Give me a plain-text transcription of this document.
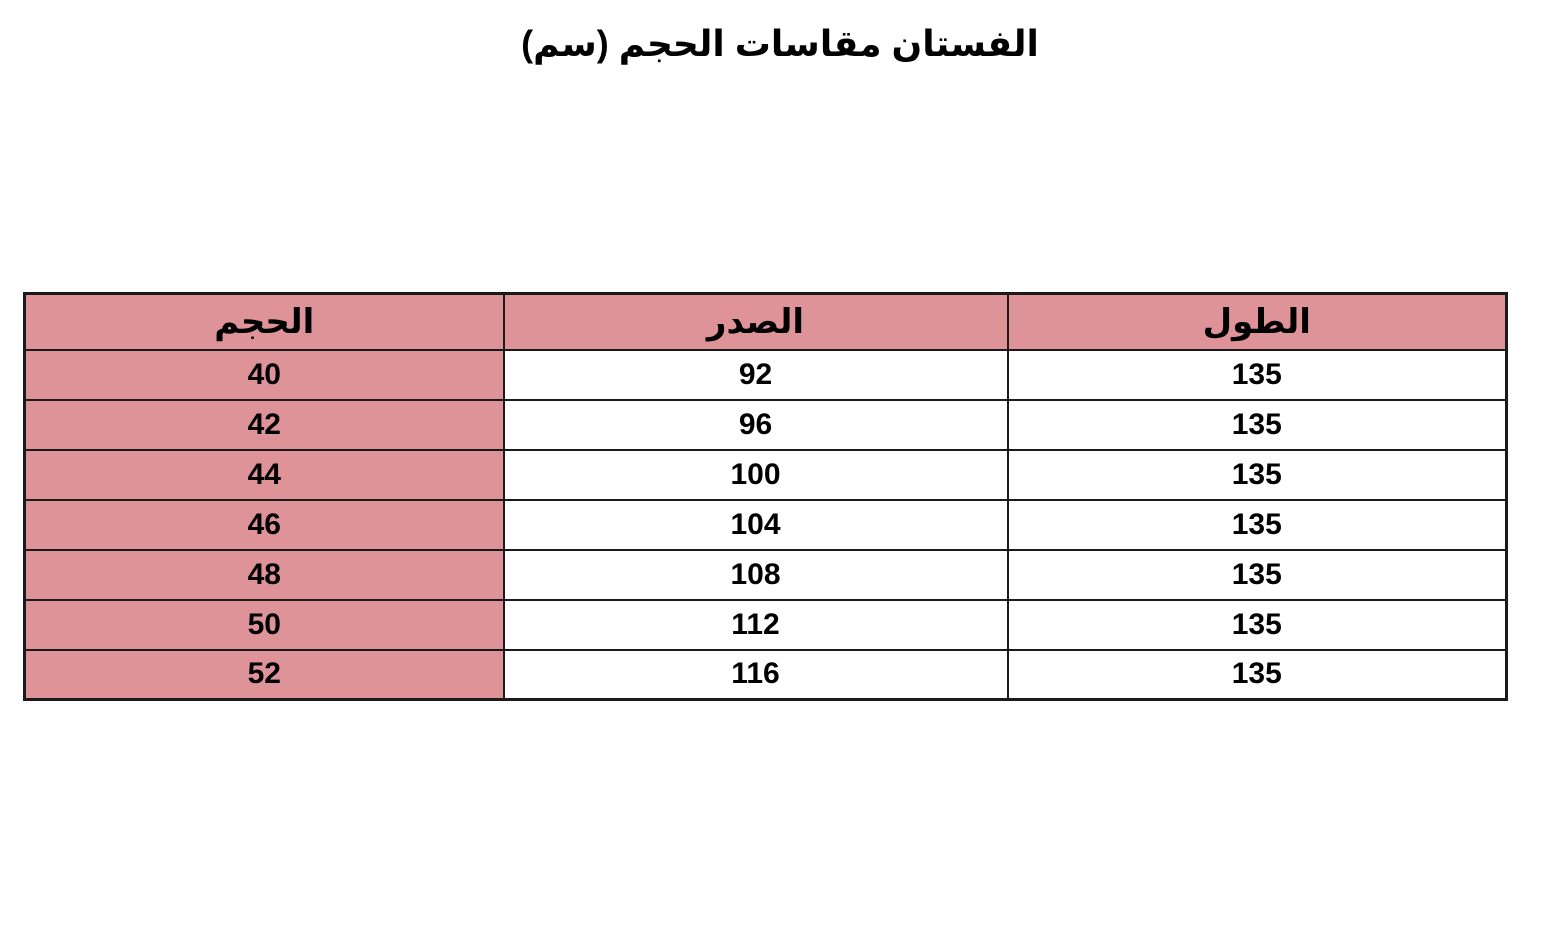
الفستان مقاسات الحجم (سم)
الطول	الصدر	الحجم
135	92	40
135	96	42
135	100	44
135	104	46
135	108	48
135	112	50
135	116	52
